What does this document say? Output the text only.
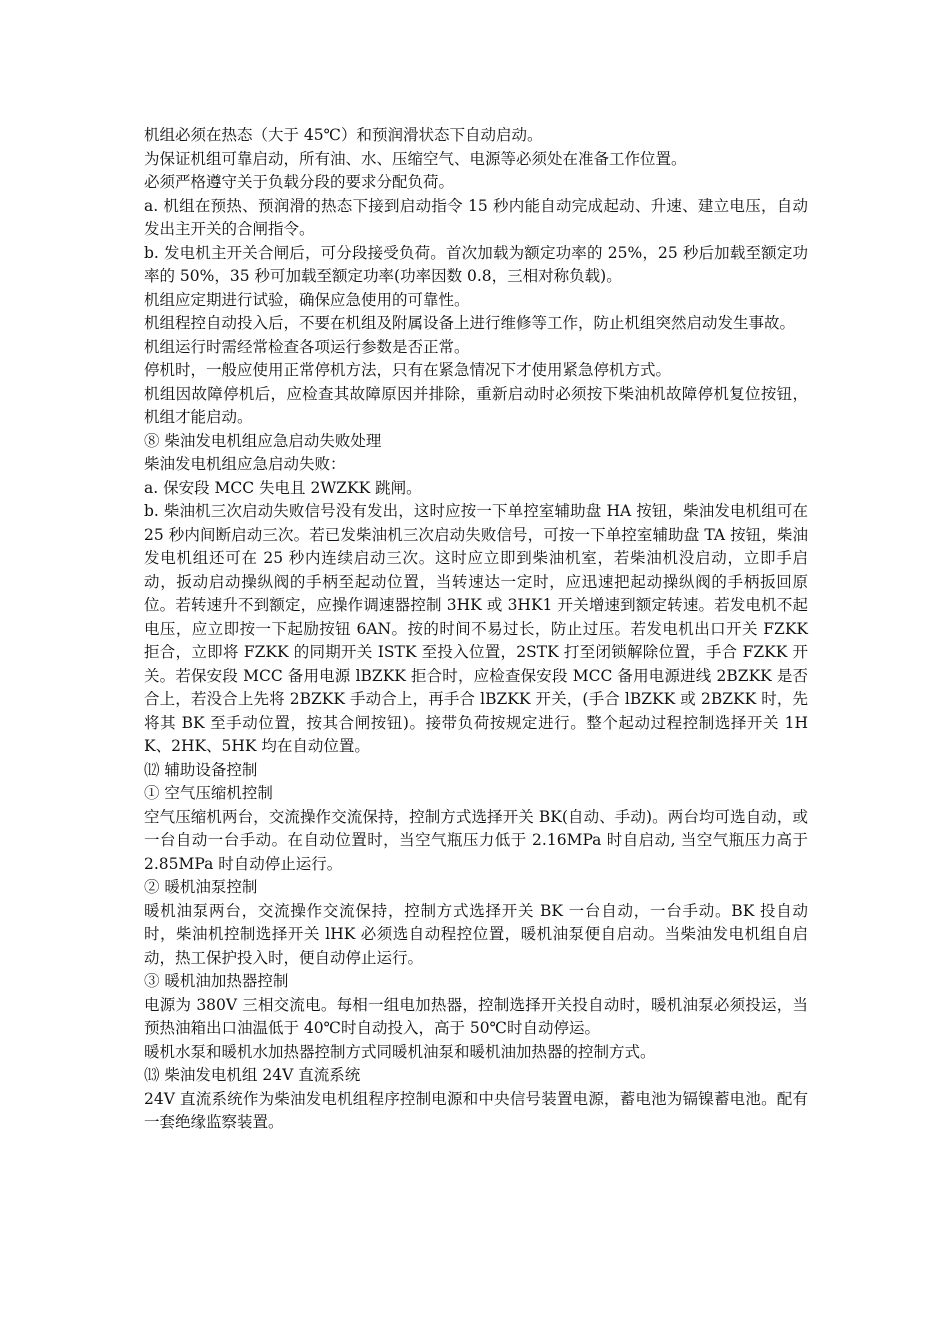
机组必须在热态（大于 45℃）和预润滑状态下自动启动。

为保证机组可靠启动，所有油、水、压缩空气、电源等必须处在准备工作位置。

必须严格遵守关于负载分段的要求分配负荷。

a. 机组在预热、预润滑的热态下接到启动指令 15 秒内能自动完成起动、升速、建立电压，自动发出主开关的合闸指令。

b. 发电机主开关合闸后，可分段接受负荷。首次加载为额定功率的 25%，25 秒后加载至额定功率的 50%，35 秒可加载至额定功率(功率因数 0.8，三相对称负载)。

机组应定期进行试验，确保应急使用的可靠性。

机组程控自动投入后，不要在机组及附属设备上进行维修等工作，防止机组突然启动发生事故。

机组运行时需经常检查各项运行参数是否正常。

停机时，一般应使用正常停机方法，只有在紧急情况下才使用紧急停机方式。

机组因故障停机后，应检查其故障原因并排除，重新启动时必须按下柴油机故障停机复位按钮，机组才能启动。

⑧ 柴油发电机组应急启动失败处理

柴油发电机组应急启动失败：

a. 保安段 MCC 失电且 2WZKK 跳闸。

b. 柴油机三次启动失败信号没有发出，这时应按一下单控室辅助盘 HA 按钮，柴油发电机组可在 25 秒内间断启动三次。若已发柴油机三次启动失败信号，可按一下单控室辅助盘 TA 按钮，柴油发电机组还可在 25 秒内连续启动三次。这时应立即到柴油机室，若柴油机没启动，立即手启动，扳动启动操纵阀的手柄至起动位置，当转速达一定时，应迅速把起动操纵阀的手柄扳回原位。若转速升不到额定，应操作调速器控制 3HK 或 3HK1 开关增速到额定转速。若发电机不起电压，应立即按一下起励按钮 6AN。按的时间不易过长，防止过压。若发电机出口开关 FZKK 拒合，立即将 FZKK 的同期开关 ISTK 至投入位置，2STK 打至闭锁解除位置，手合 FZKK 开关。若保安段 MCC 备用电源 lBZKK 拒合时，应检查保安段 MCC 备用电源进线 2BZKK 是否合上，若没合上先将 2BZKK 手动合上，再手合 lBZKK 开关，(手合 lBZKK 或 2BZKK 时，先将其 BK 至手动位置，按其合闸按钮)。接带负荷按规定进行。整个起动过程控制选择开关 1HK、2HK、5HK 均在自动位置。

⑿ 辅助设备控制

① 空气压缩机控制

空气压缩机两台，交流操作交流保持，控制方式选择开关 BK(自动、手动)。两台均可选自动，或一台自动一台手动。在自动位置时，当空气瓶压力低于 2.16MPa 时自启动, 当空气瓶压力高于 2.85MPa 时自动停止运行。

② 暖机油泵控制

暖机油泵两台，交流操作交流保持，控制方式选择开关 BK 一台自动，一台手动。BK 投自动时，柴油机控制选择开关 lHK 必须选自动程控位置，暖机油泵便自启动。当柴油发电机组自启动，热工保护投入时，便自动停止运行。

③ 暖机油加热器控制

电源为 380V 三相交流电。每相一组电加热器，控制选择开关投自动时，暖机油泵必须投运，当预热油箱出口油温低于 40℃时自动投入，高于 50℃时自动停运。

暖机水泵和暖机水加热器控制方式同暖机油泵和暖机油加热器的控制方式。

⒀ 柴油发电机组 24V 直流系统

24V 直流系统作为柴油发电机组程序控制电源和中央信号装置电源，蓄电池为镉镍蓄电池。配有一套绝缘监察装置。
